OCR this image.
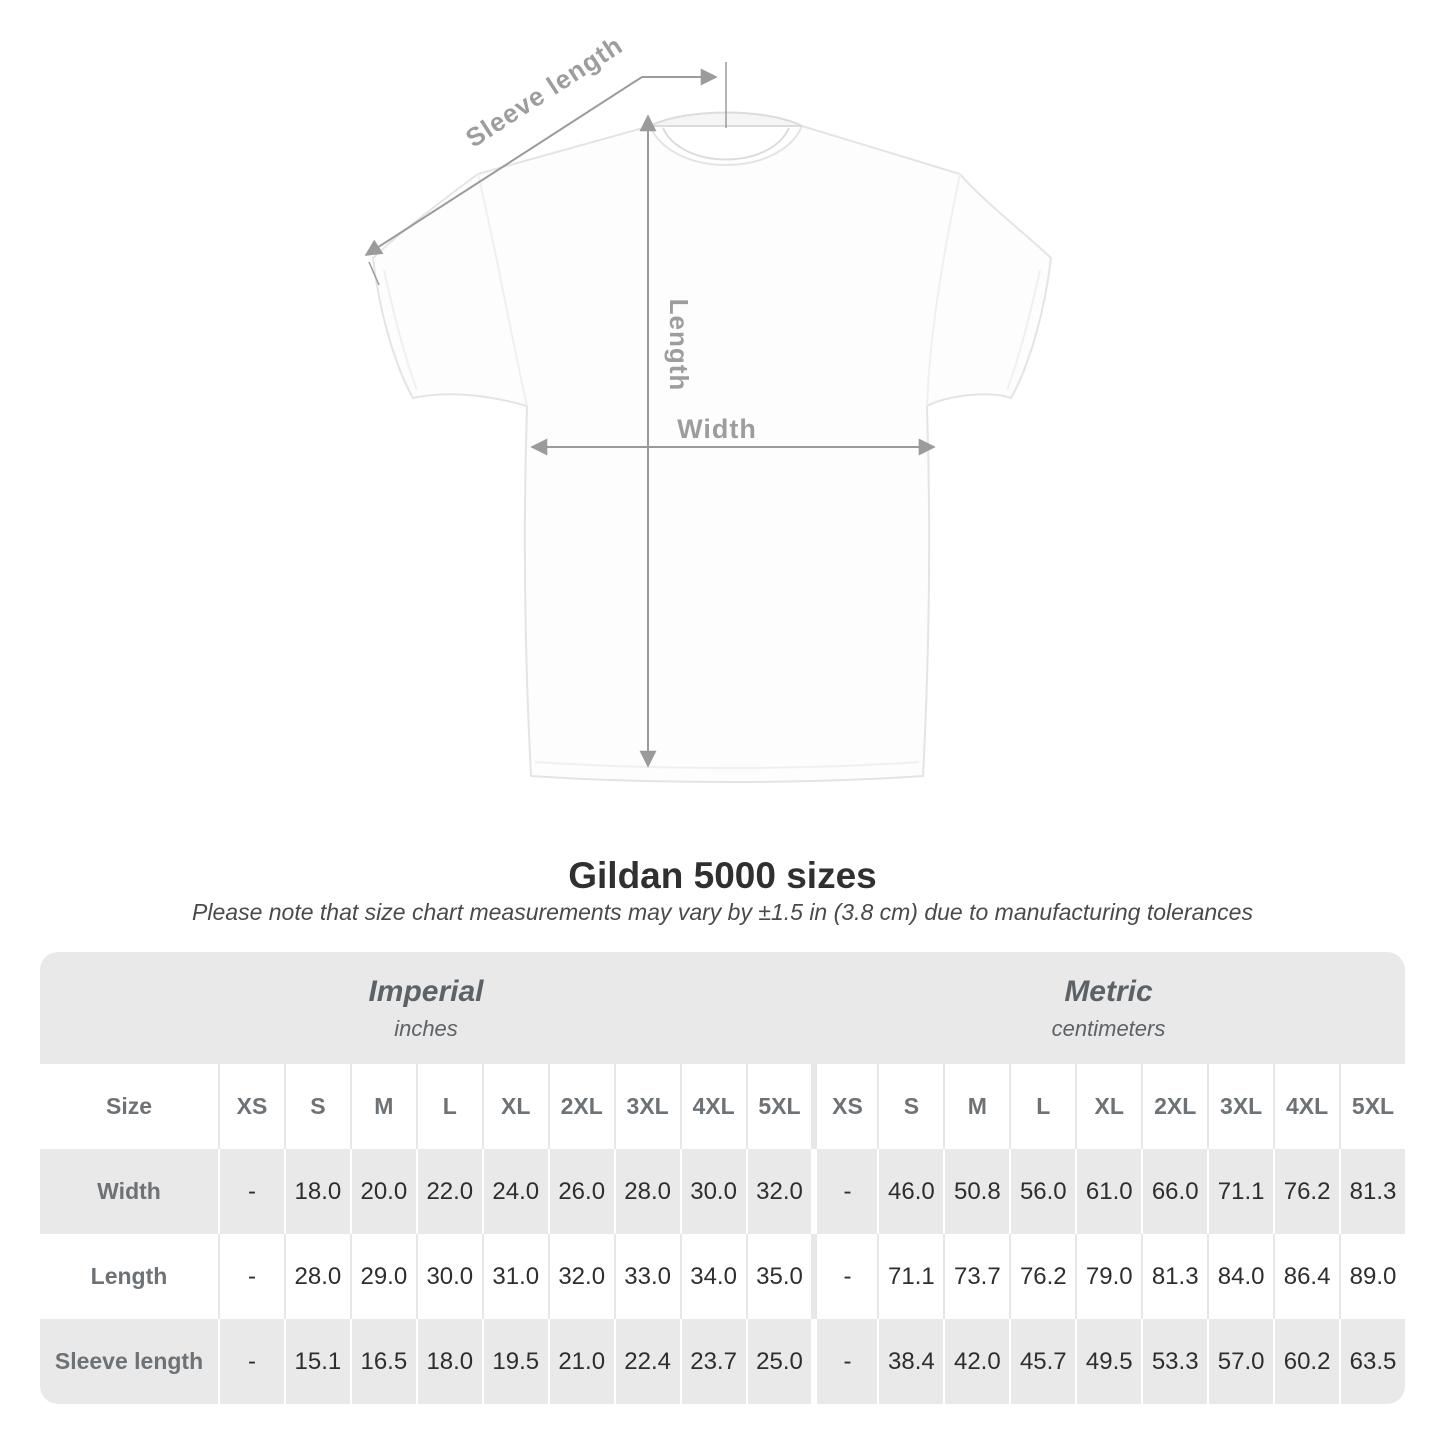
Sleeve length
Length
Width
Gildan 5000 sizes

Please note that size chart measurements may vary by ±1.5 in (3.8 cm) due to manufacturing tolerances

Imperial
inches
Metric
centimeters
Size	XS	S	M	L	XL	2XL	3XL	4XL	5XL	XS	S	M	L	XL	2XL	3XL	4XL	5XL
Width	-	18.0 20.0 22.0 24.0 26.0 28.0 30.0 32.0	-	46.0 50.8 56.0 61.0 66.0 71.1 76.2 81.3
Length	-	28.0 29.0 30.0 31.0 32.0 33.0 34.0 35.0	-	71.1 73.7 76.2 79.0 81.3 84.0 86.4 89.0
Sleeve length	-	15.1 16.5 18.0 19.5 21.0 22.4 23.7 25.0	-	38.4 42.0 45.7 49.5 53.3 57.0 60.2 63.5
